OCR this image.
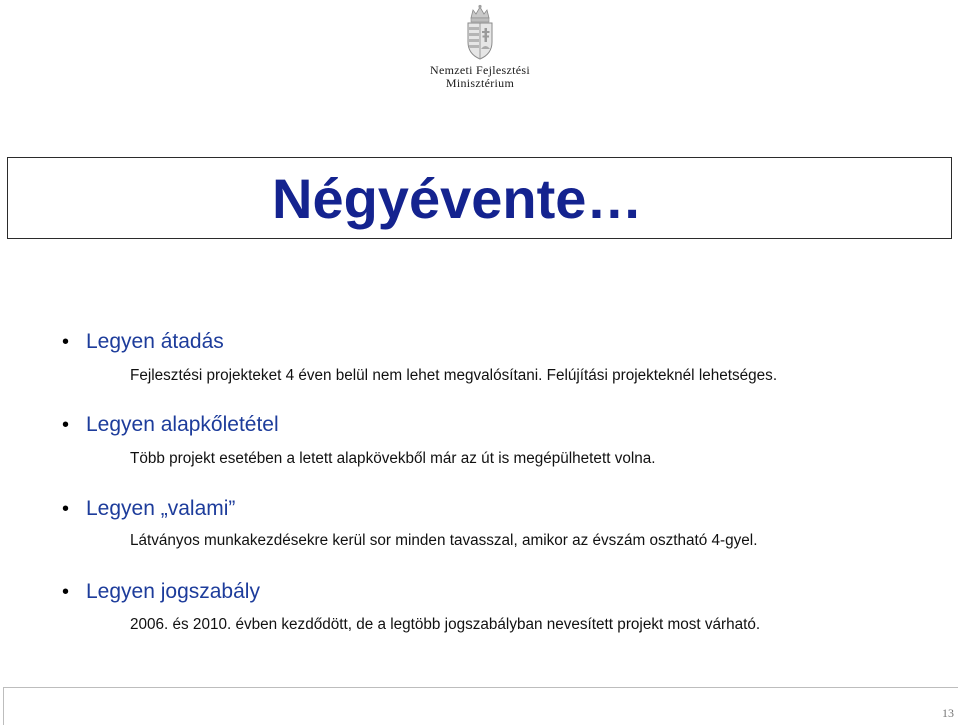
Nemzeti Fejlesztési
Minisztérium
Négyévente…
• Legyen átadás
Fejlesztési projekteket 4 éven belül nem lehet megvalósítani. Felújítási projekteknél lehetséges.
• Legyen alapkőletétel
Több projekt esetében a letett alapkövekből már az út is megépülhetett volna.
• Legyen „valami”
Látványos munkakezdésekre kerül sor minden tavasszal, amikor az évszám osztható 4-gyel.
• Legyen jogszabály
2006. és 2010. évben kezdődött, de a legtöbb jogszabályban nevesített projekt most várható.
13
